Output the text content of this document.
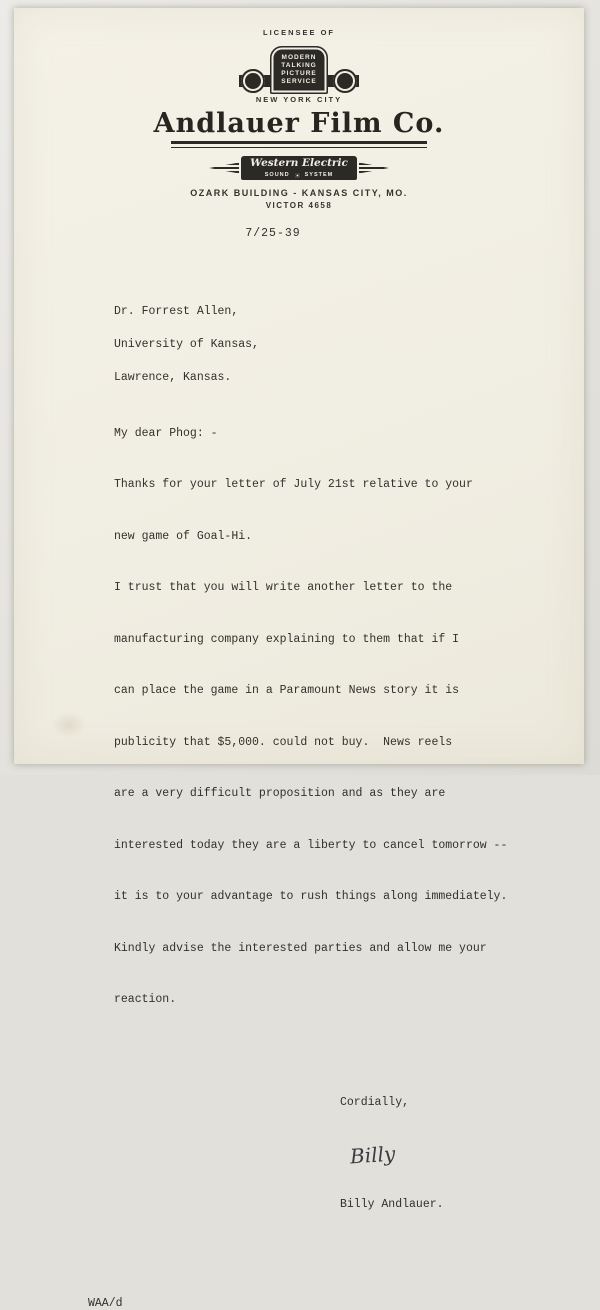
LICENSEE OF
MODERN
TALKING
PICTURE
SERVICE
NEW YORK CITY
Andlauer Film Co.
Western Electric
SOUND	SYSTEM
OZARK BUILDING - KANSAS CITY, MO.
VICTOR 4658
7/25-39

Dr. Forrest Allen,

University of Kansas,

Lawrence, Kansas.

My dear Phog: -

Thanks for your letter of July 21st relative to your

new game of Goal-Hi.

I trust that you will write another letter to the

manufacturing company explaining to them that if I

can place the game in a Paramount News story it is

publicity that $5,000. could not buy.  News reels

are a very difficult proposition and as they are

interested today they are a liberty to cancel tomorrow --

it is to your advantage to rush things along immediately.

Kindly advise the interested parties and allow me your

reaction.

Cordially,

Billy

Billy Andlauer.

WAA/d
